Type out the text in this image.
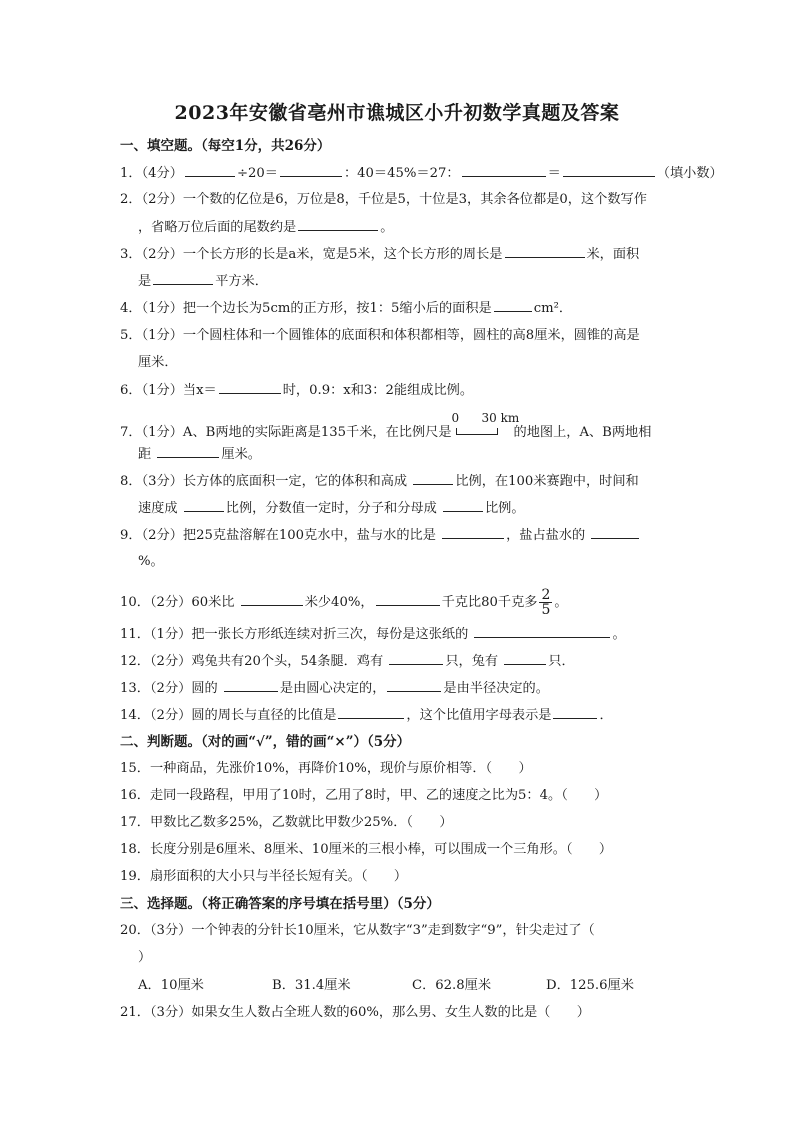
2023年安徽省亳州市谯城区小升初数学真题及答案
一、填空题。（每空1分，共26分）
1．（4分）	÷20＝	：40＝45%＝27：	＝	（填小数）
2．（2分）一个数的亿位是6，万位是8，千位是5，十位是3，其余各位都是0，这个数写作
，省略万位后面的尾数约是	。
3．（2分）一个长方形的长是a米，宽是5米，这个长方形的周长是	米，面积
是	平方米．
4．（1分）把一个边长为5cm的正方形，按1：5缩小后的面积是	cm²．
5．（1分）一个圆柱体和一个圆锥体的底面积和体积都相等，圆柱的高8厘米，圆锥的高是
厘米．
6．（1分）当x＝	时，0.9：x和3：2能组成比例。
7．（1分）A、B两地的实际距离是135千米，在比例尺是
0 30 km
的地图上，A、B两地相
距	厘米。
8．（3分）长方体的底面积一定，它的体积和高成	比例，在100米赛跑中，时间和
速度成	比例，分数值一定时，分子和分母成	比例。
9．（2分）把25克盐溶解在100克水中，盐与水的比是	，盐占盐水的
%。
10．（2分）60米比	米少40%，	千克比80千克多 $\frac{2}{5}$ 。
11．（1分）把一张长方形纸连续对折三次，每份是这张纸的	。
12．（2分）鸡兔共有20个头，54条腿．鸡有	只，兔有	只．
13．（2分）圆的	是由圆心决定的，	是由半径决定的。
14．（2分）圆的周长与直径的比值是	，这个比值用字母表示是	．
二、判断题。（对的画“√”，错的画“×”）（5分）
15．一种商品，先涨价10%，再降价10%，现价与原价相等．（　　）
16．走同一段路程，甲用了10时，乙用了8时，甲、乙的速度之比为5：4。（　　）
17．甲数比乙数多25%，乙数就比甲数少25%．（　　）
18．长度分别是6厘米、8厘米、10厘米的三根小棒，可以围成一个三角形。（　　）
19．扇形面积的大小只与半径长短有关。（　　）
三、选择题。（将正确答案的序号填在括号里）（5分）
20．（3分）一个钟表的分针长10厘米，它从数字“3”走到数字“9”，针尖走过了（
）
A．10厘米	B．31.4厘米	C．62.8厘米	D．125.6厘米
21．（3分）如果女生人数占全班人数的60%，那么男、女生人数的比是（　　）
